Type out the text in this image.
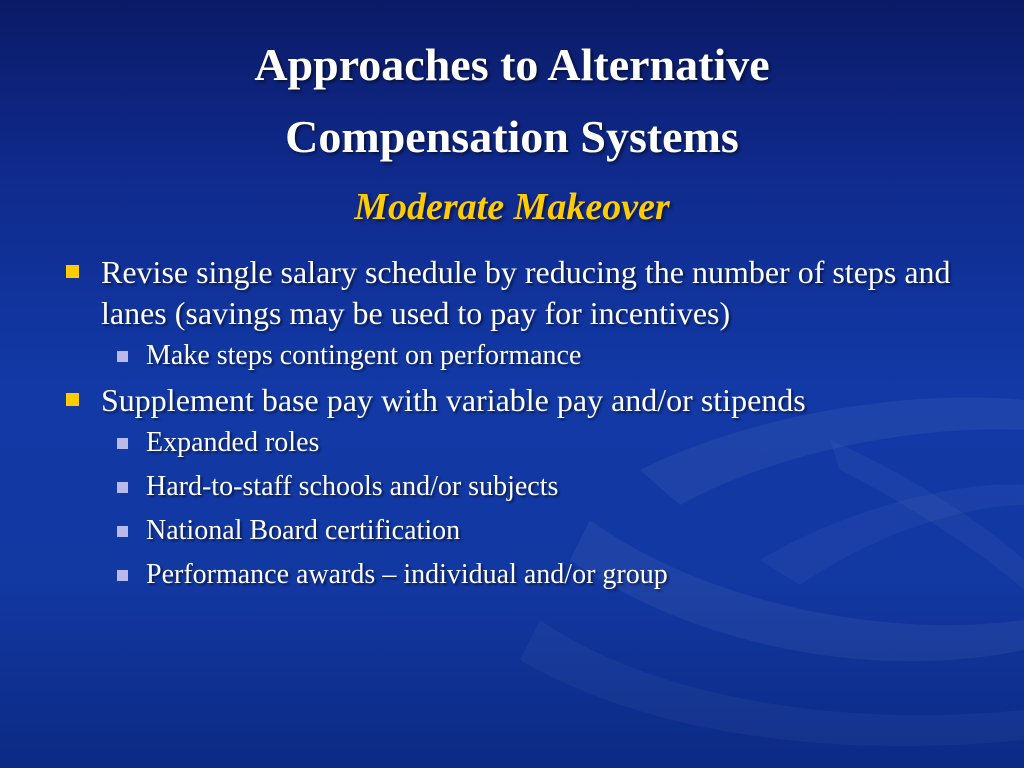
Approaches to Alternative
Compensation Systems
Moderate Makeover
Revise single salary schedule by reducing the number of steps and lanes (savings may be used to pay for incentives)
Make steps contingent on performance
Supplement base pay with variable pay and/or stipends
Expanded roles
Hard-to-staff schools and/or subjects
National Board certification
Performance awards – individual and/or group
